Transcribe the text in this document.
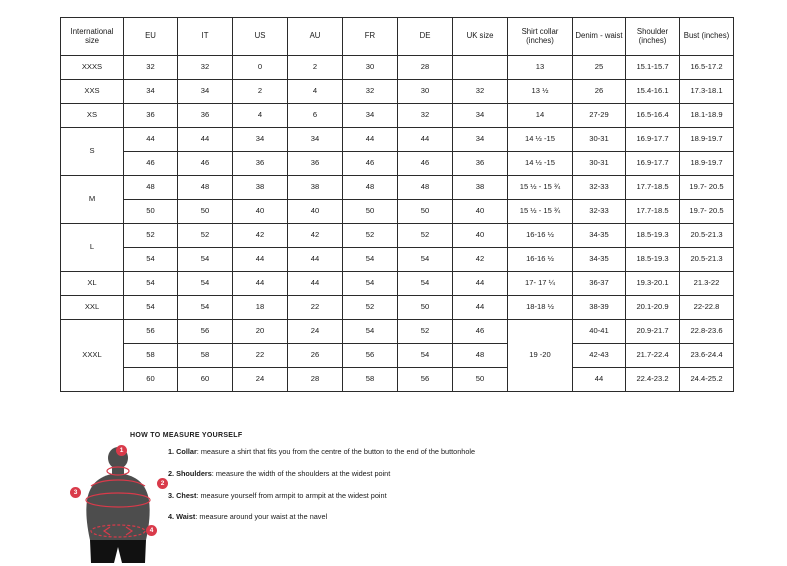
International size	EU	IT	US	AU	FR	DE	UK size	Shirt collar (inches)	Denim - waist	Shoulder (inches)	Bust (inches)
XXXS	32	32	0	2	30	28		13	25	15.1-15.7	16.5-17.2
XXS	34	34	2	4	32	30	32	13 ½	26	15.4-16.1	17.3-18.1
XS	36	36	4	6	34	32	34	14	27-29	16.5-16.4	18.1-18.9
S	44	44	34	34	44	44	34	14 ½ -15	30-31	16.9-17.7	18.9-19.7
	46	46	36	36	46	46	36	14 ½ -15	30-31	16.9-17.7	18.9-19.7
M	48	48	38	38	48	48	38	15 ½ - 15 ¾	32-33	17.7-18.5	19.7- 20.5
	50	50	40	40	50	50	40	15 ½ - 15 ¾	32-33	17.7-18.5	19.7- 20.5
L	52	52	42	42	52	52	40	16-16 ½	34-35	18.5-19.3	20.5-21.3
	54	54	44	44	54	54	42	16-16 ½	34-35	18.5-19.3	20.5-21.3
XL	54	54	44	44	54	54	44	17- 17 ¼	36-37	19.3-20.1	21.3-22
XXL	54	54	18	22	52	50	44	18-18 ½	38-39	20.1-20.9	22-22.8
XXXL	56	56	20	24	54	52	46	19 -20	40-41	20.9-21.7	22.8-23.6
	58	58	22	26	56	54	48		42-43	21.7-22.4	23.6-24.4
	60	60	24	28	58	56	50		44	22.4-23.2	24.4-25.2
HOW TO MEASURE YOURSELF
1. Collar: measure a shirt that fits you from the centre of the button to the end of the buttonhole
2. Shoulders: measure the width of the shoulders at the widest point
3. Chest: measure yourself from armpit to armpit at the widest point
4. Waist: measure around your waist at the navel
1
2
3
4
